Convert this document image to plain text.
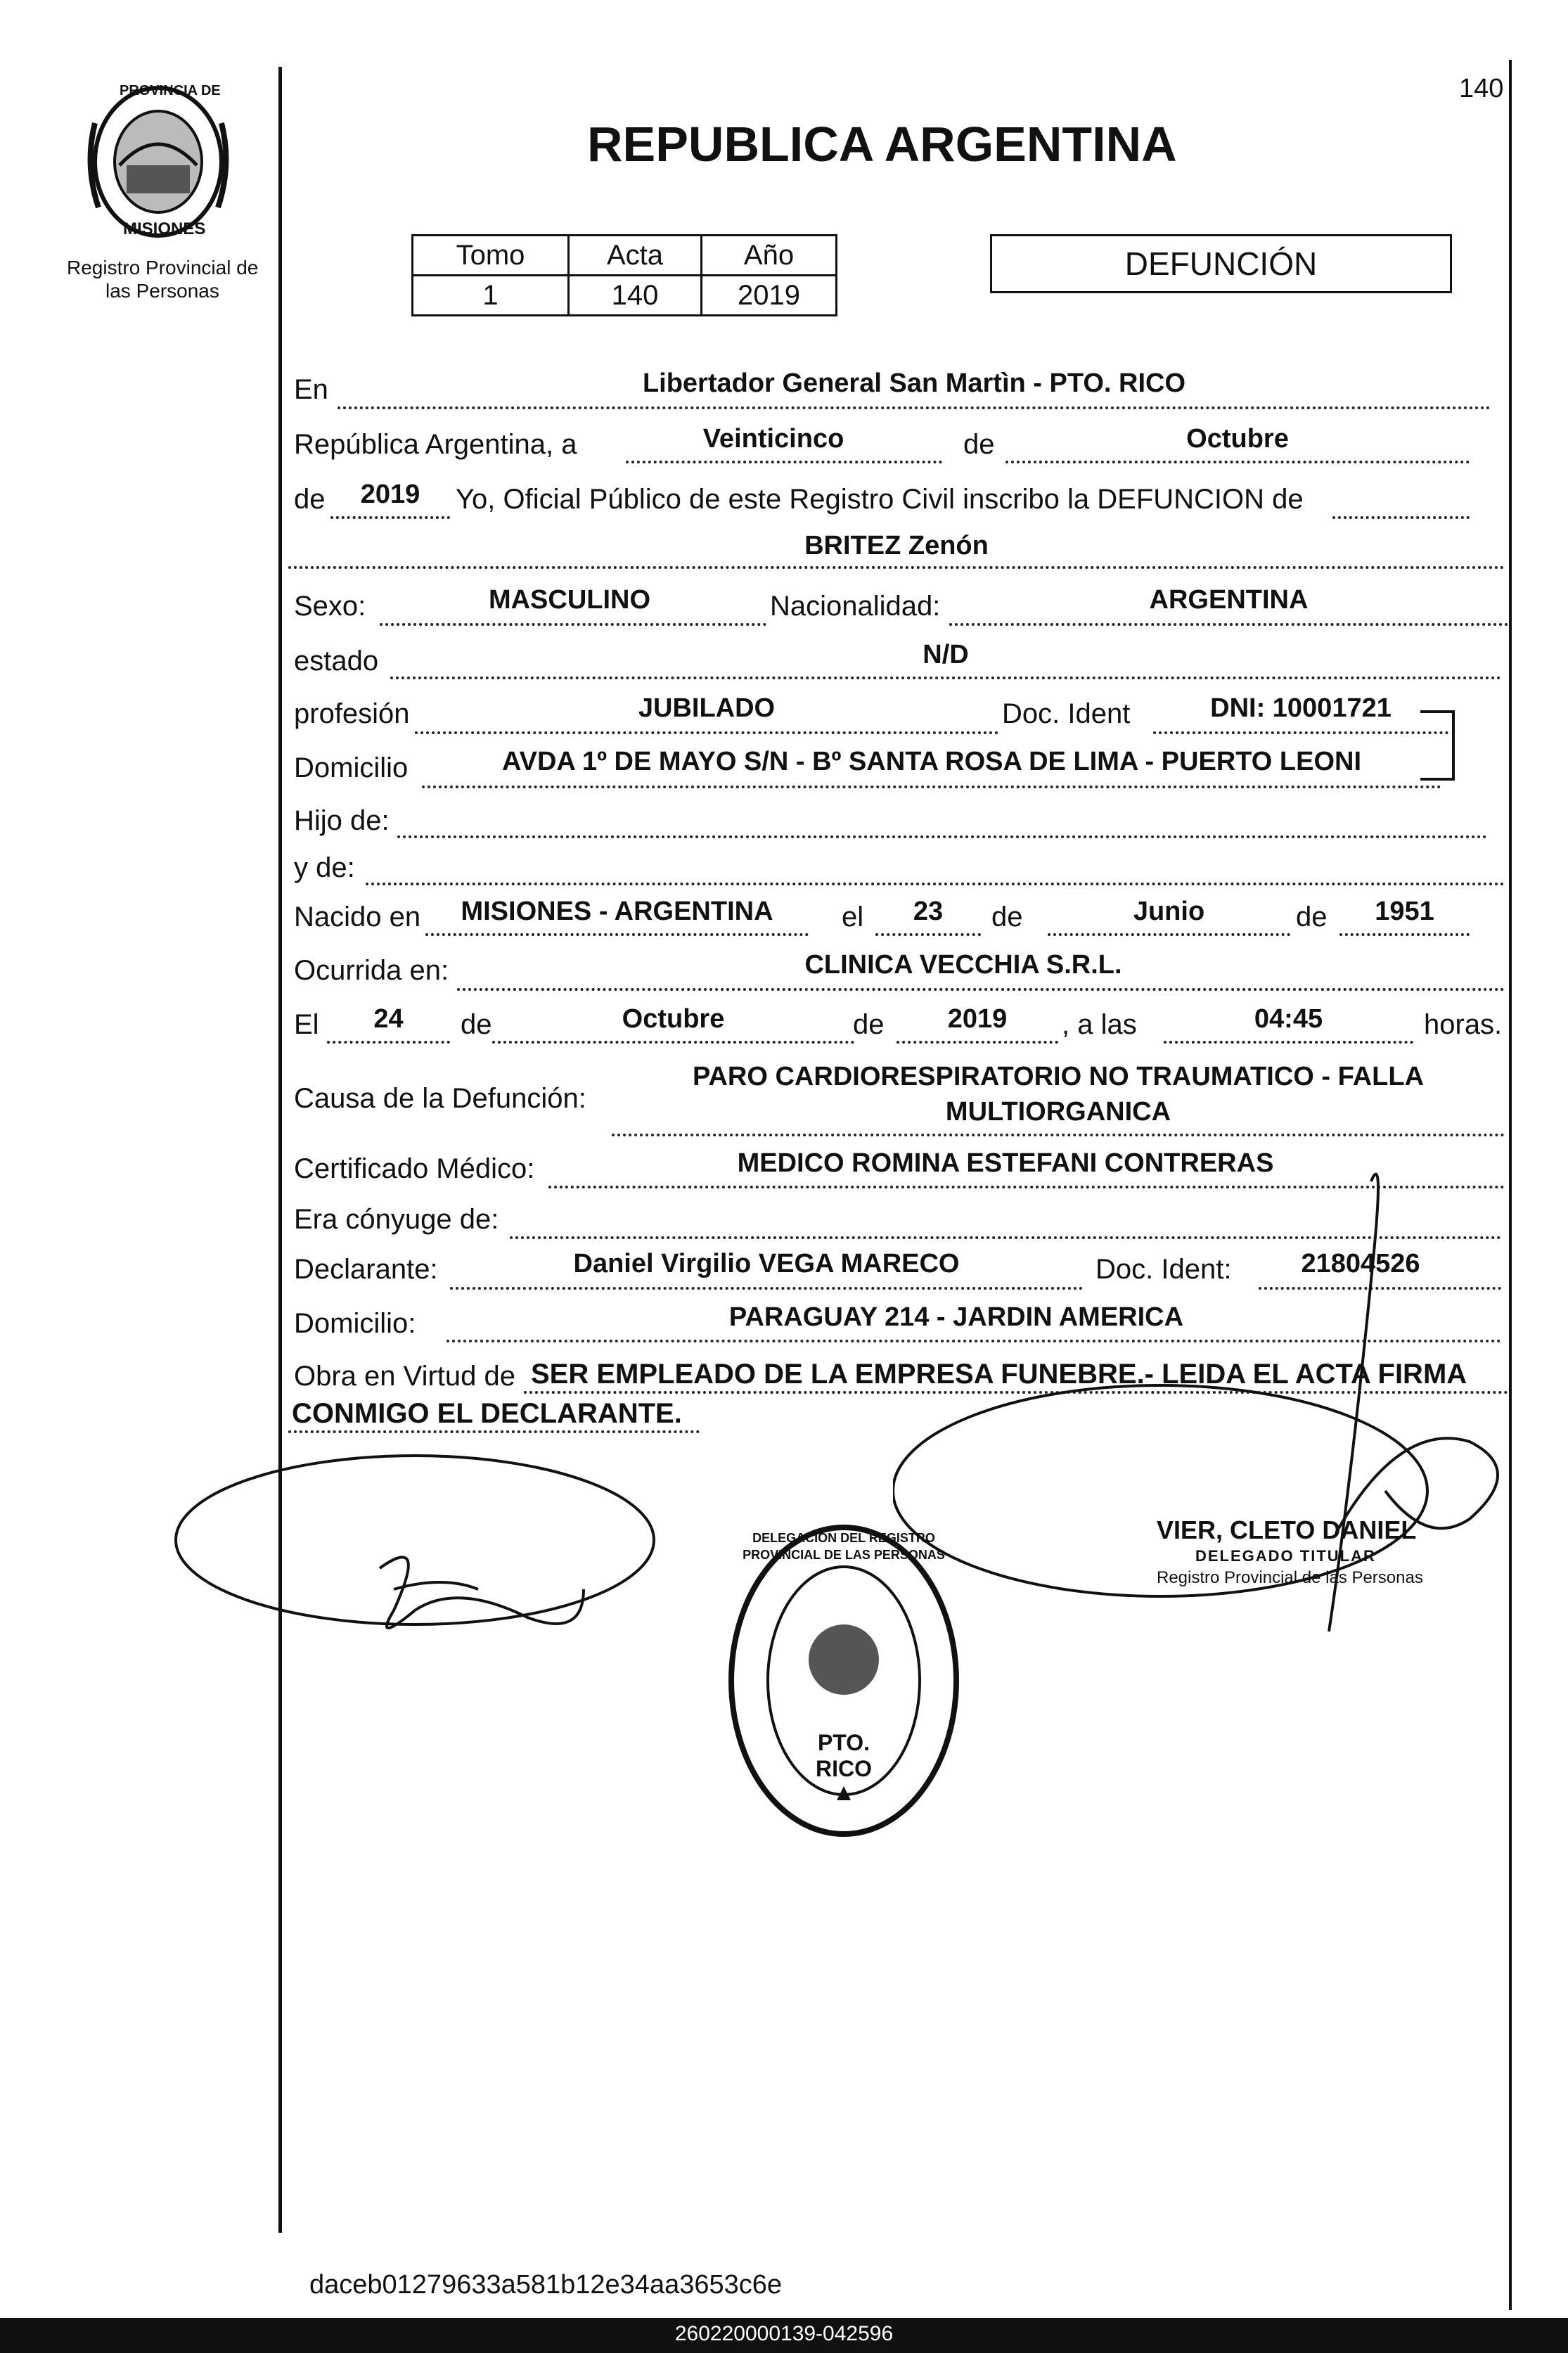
PROVINCIA DE
MISIONES
Registro Provincial de
las Personas
140
REPUBLICA ARGENTINA
Tomo	Acta	Año
1	140	2019
DEFUNCIÓN
En	Libertador General San Martìn - PTO. RICO
República Argentina, a	Veinticinco	de	Octubre
de	2019	Yo, Oficial Público de este Registro Civil inscribo la DEFUNCION de
BRITEZ Zenón
Sexo:	MASCULINO	Nacionalidad:	ARGENTINA
estado	N/D
profesión	JUBILADO	Doc. Ident	DNI: 10001721
Domicilio	AVDA 1º DE MAYO S/N - Bº SANTA ROSA DE LIMA - PUERTO LEONI
Hijo de:
y de:
Nacido en	MISIONES - ARGENTINA	el	23	de	Junio	de	1951
Ocurrida en:	CLINICA VECCHIA S.R.L.
El	24	de	Octubre	de	2019	, a las	04:45	horas.
Causa de la Defunción:
PARO CARDIORESPIRATORIO NO TRAUMATICO - FALLA
MULTIORGANICA
Certificado Médico:	MEDICO ROMINA ESTEFANI CONTRERAS
Era cónyuge de:
Declarante:	Daniel Virgilio VEGA MARECO	Doc. Ident:	21804526
Domicilio:	PARAGUAY 214 - JARDIN AMERICA
Obra en Virtud de SER EMPLEADO DE LA EMPRESA FUNEBRE.- LEIDA EL ACTA FIRMA
CONMIGO EL DECLARANTE.
VIER, CLETO DANIEL
DELEGADO TITULAR
Registro Provincial de las Personas
DELEGACION DEL REGISTRO PROVINCIAL DE LAS PERSONAS
PTO. RICO
daceb01279633a581b12e34aa3653c6e
260220000139-042596
